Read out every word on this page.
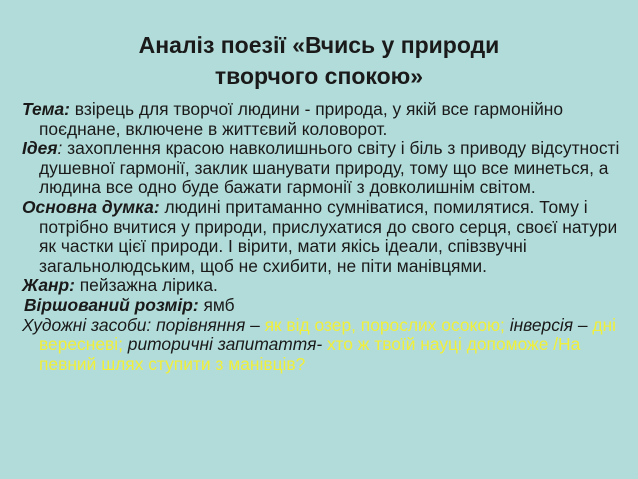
Аналіз поезії «Вчись у природи
творчого спокою»

Тема: взірець для творчої людини - природа, у якій все гармонійно поєднане, включене в життєвий коловорот.

Ідея: захоплення красою навколишнього світу і біль з приводу відсутності душевної гармонії, заклик шанувати природу, тому що все минеться, а людина все одно буде бажати гармонії з довколишнім світом.

Основна думка: людині притаманно сумніватися, помилятися. Тому і потрібно вчитися у природи, прислухатися до свого серця, своєї натури як частки цієї природи. І вірити, мати якісь ідеали, співзвучні загальнолюдським, щоб не схибити, не піти манівцями.

Жанр: пейзажна лірика.

Віршований розмір: ямб

Художні засоби: порівняння – як від озер, порослих осокою; інверсія – дні вересневі; риторичні запитаття- хто ж твоїй науці допоможе /На певний шлях ступити з манівців?
